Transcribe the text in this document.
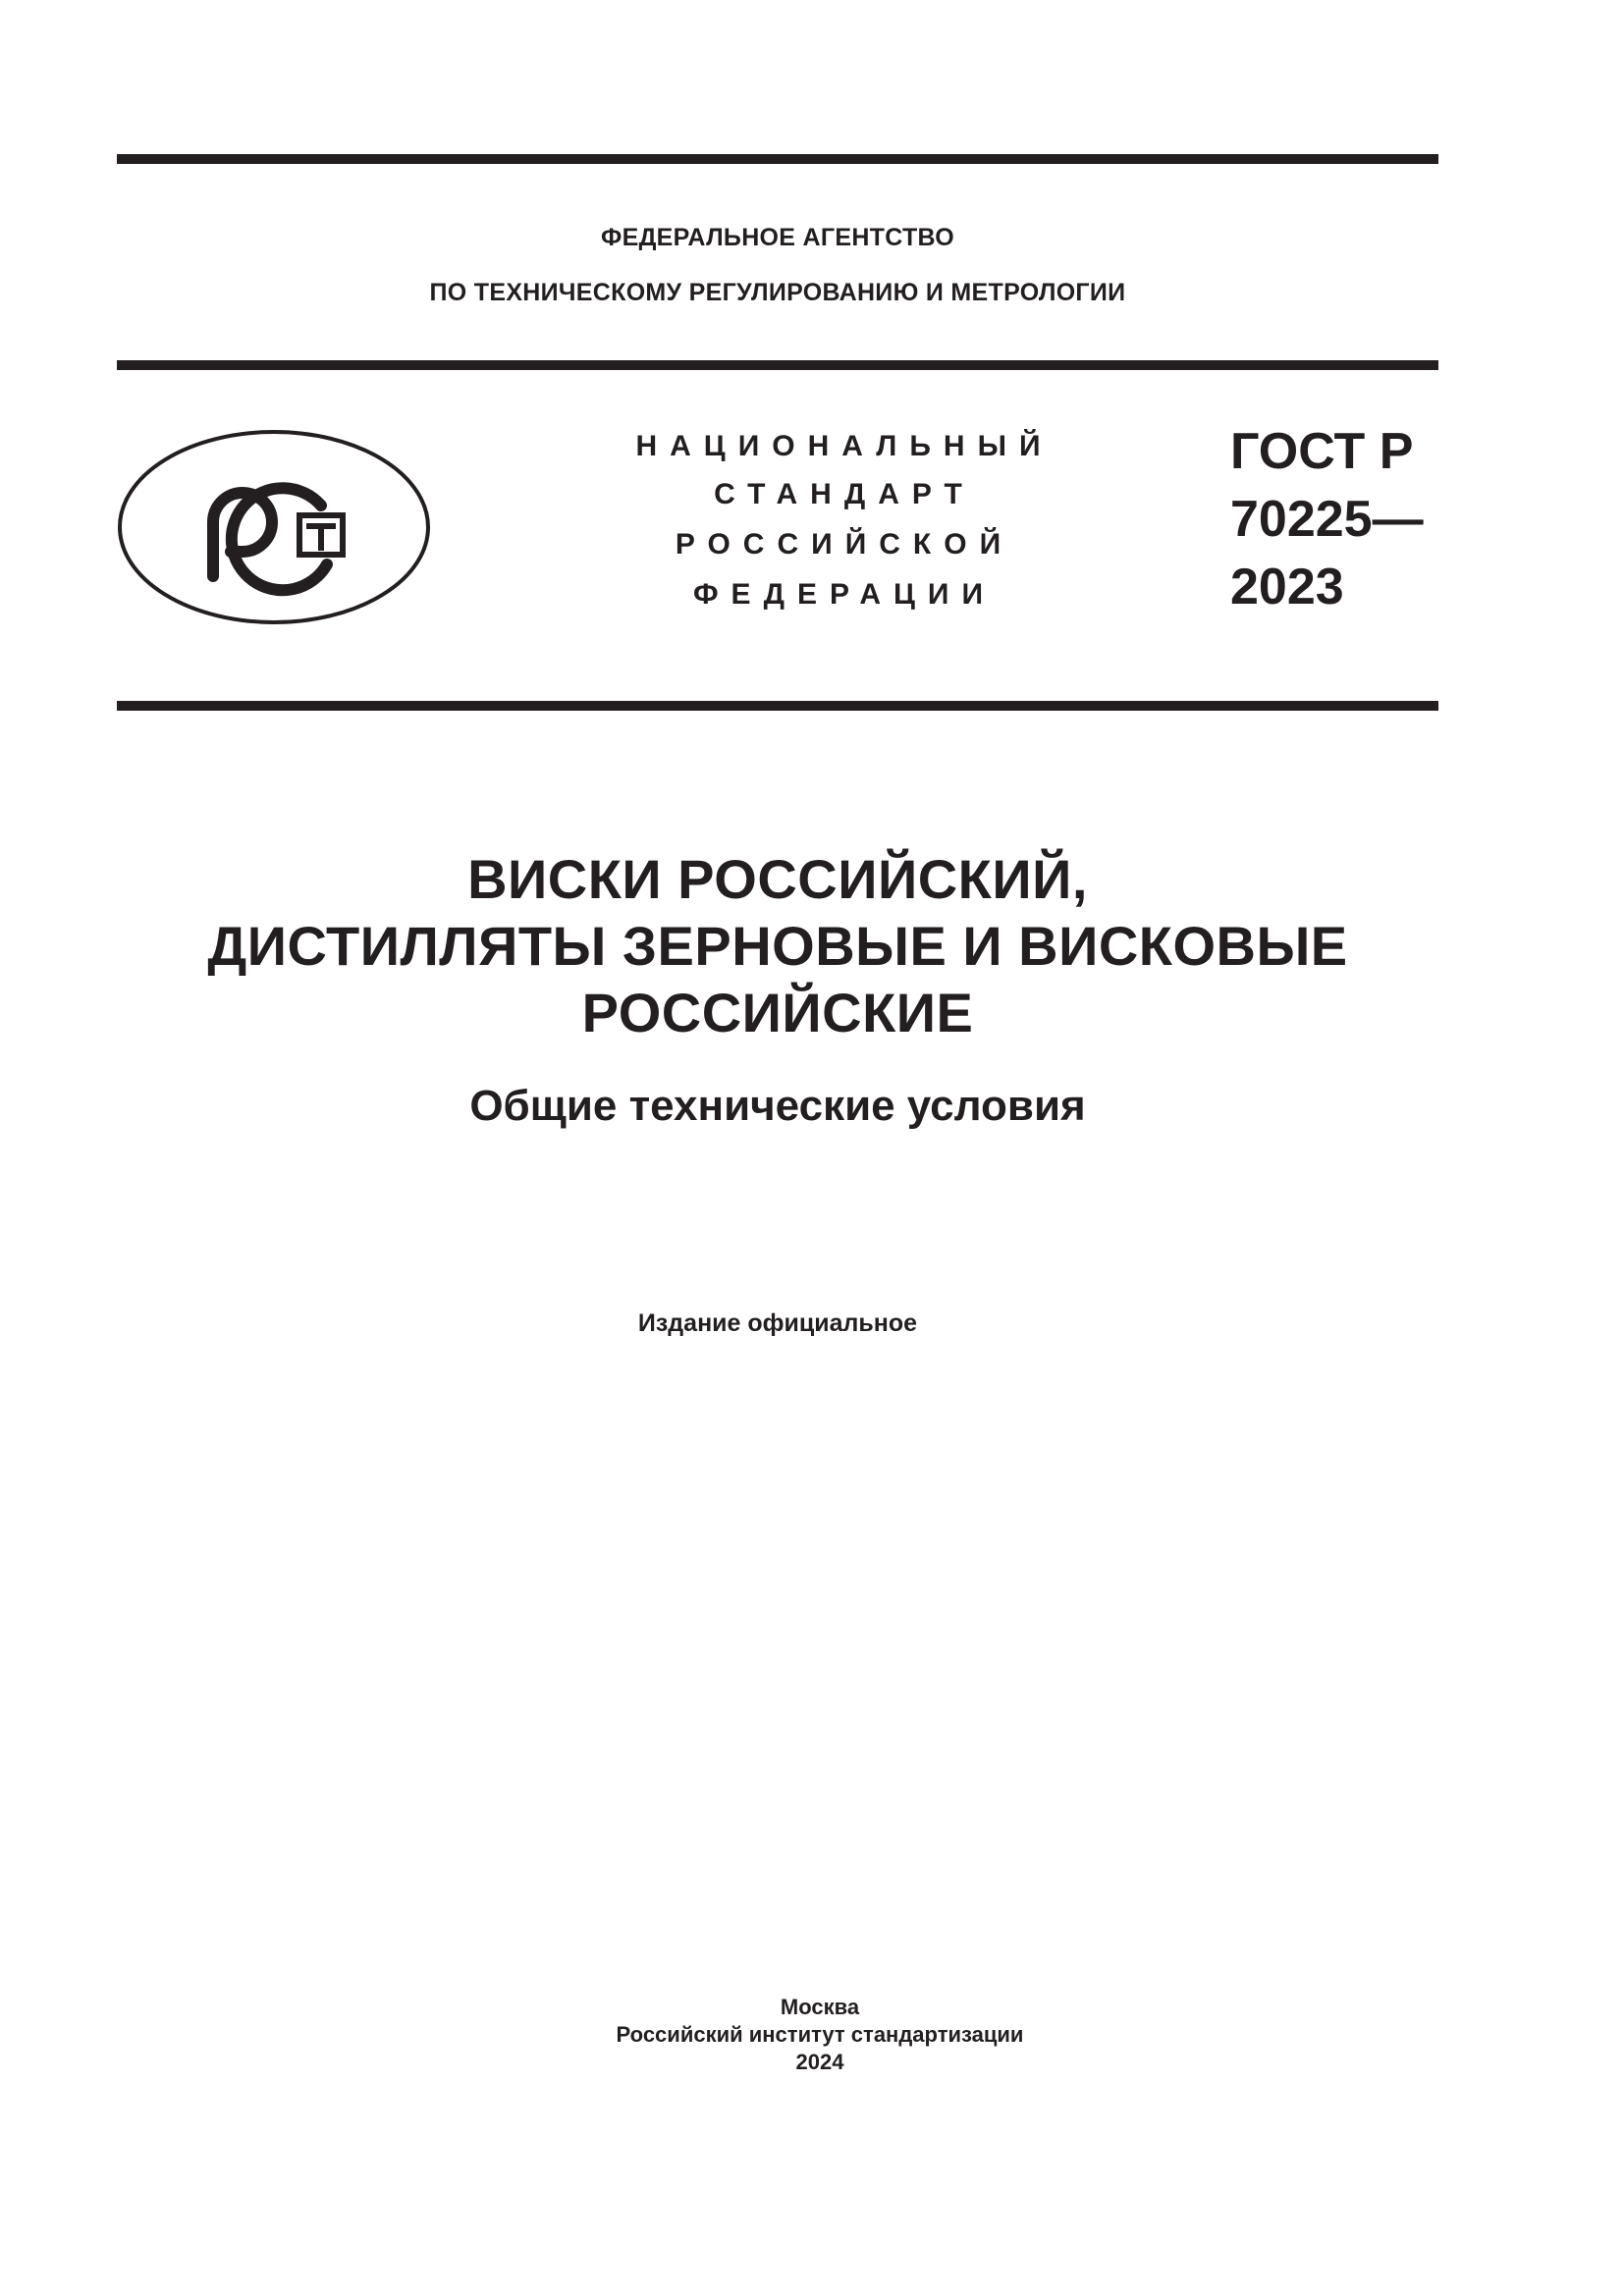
ФЕДЕРАЛЬНОЕ АГЕНТСТВО
ПО ТЕХНИЧЕСКОМУ РЕГУЛИРОВАНИЮ И МЕТРОЛОГИИ
НАЦИОНАЛЬНЫЙ
СТАНДАРТ
РОССИЙСКОЙ
ФЕДЕРАЦИИ
ГОСТ Р
70225—
2023
ВИСКИ РОССИЙСКИЙ,
ДИСТИЛЛЯТЫ ЗЕРНОВЫЕ И ВИСКОВЫЕ
РОССИЙСКИЕ
Общие технические условия
Издание официальное
Москва
Российский институт стандартизации
2024
